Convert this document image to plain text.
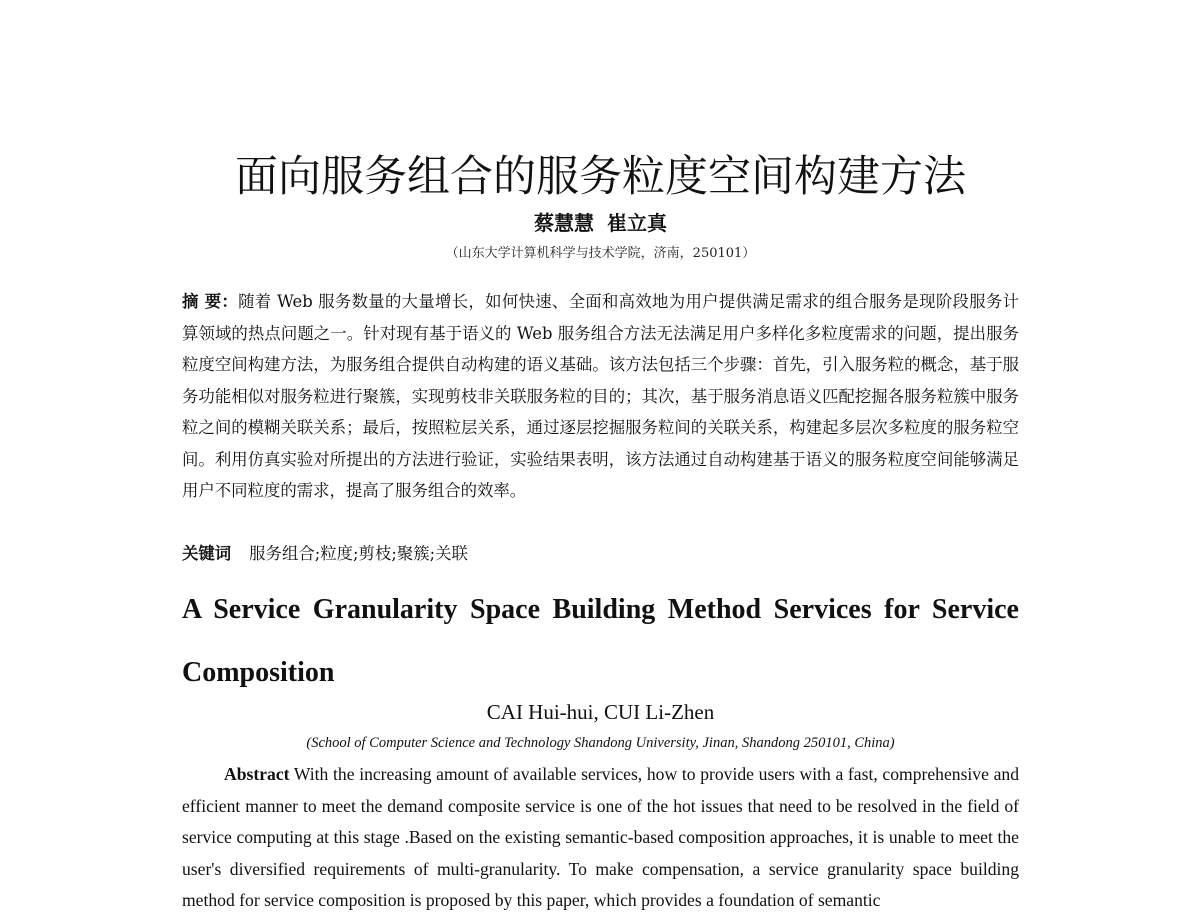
面向服务组合的服务粒度空间构建方法
蔡慧慧 崔立真
（山东大学计算机科学与技术学院，济南，250101）

摘 要：随着 Web 服务数量的大量增长，如何快速、全面和高效地为用户提供满足需求的组合服务是现阶段服务计算领域的热点问题之一。针对现有基于语义的 Web 服务组合方法无法满足用户多样化多粒度需求的问题，提出服务粒度空间构建方法，为服务组合提供自动构建的语义基础。该方法包括三个步骤：首先，引入服务粒的概念，基于服务功能相似对服务粒进行聚簇，实现剪枝非关联服务粒的目的；其次，基于服务消息语义匹配挖掘各服务粒簇中服务粒之间的模糊关联关系；最后，按照粒层关系，通过逐层挖掘服务粒间的关联关系，构建起多层次多粒度的服务粒空间。利用仿真实验对所提出的方法进行验证，实验结果表明，该方法通过自动构建基于语义的服务粒度空间能够满足用户不同粒度的需求，提高了服务组合的效率。

关键词 服务组合;粒度;剪枝;聚簇;关联
A Service Granularity Space Building Method Services for Service Composition
CAI Hui-hui, CUI Li-Zhen
(School of Computer Science and Technology Shandong University, Jinan, Shandong 250101, China)

Abstract With the increasing amount of available services, how to provide users with a fast, comprehensive and efficient manner to meet the demand composite service is one of the hot issues that need to be resolved in the field of service computing at this stage .Based on the existing semantic-based composition approaches, it is unable to meet the user's diversified requirements of multi-granularity. To make compensation, a service granularity space building method for service composition is proposed by this paper, which provides a foundation of semantic
